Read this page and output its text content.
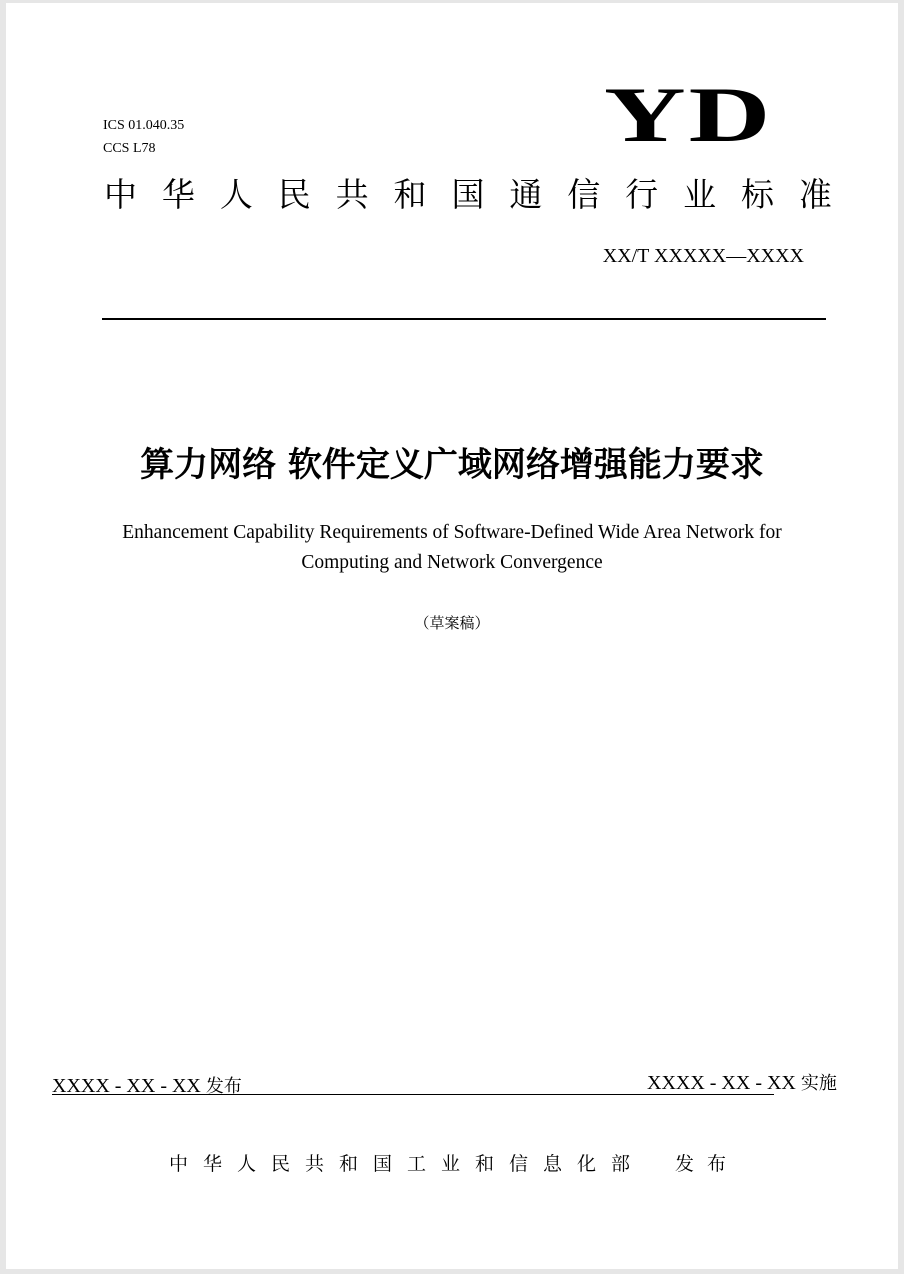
ICS 01.040.35
CCS L78	YD
中 华 人 民 共 和 国 通 信 行 业 标 准
XX/T XXXXX—XXXX
算力网络 软件定义广域网络增强能力要求
Enhancement Capability Requirements of Software-Defined Wide Area Network for
Computing and Network Convergence
（草案稿）
XXXX - XX - XX 发布	XXXX - XX - XX 实施
中 华 人 民 共 和 国 工 业 和 信 息 化 部	发布
